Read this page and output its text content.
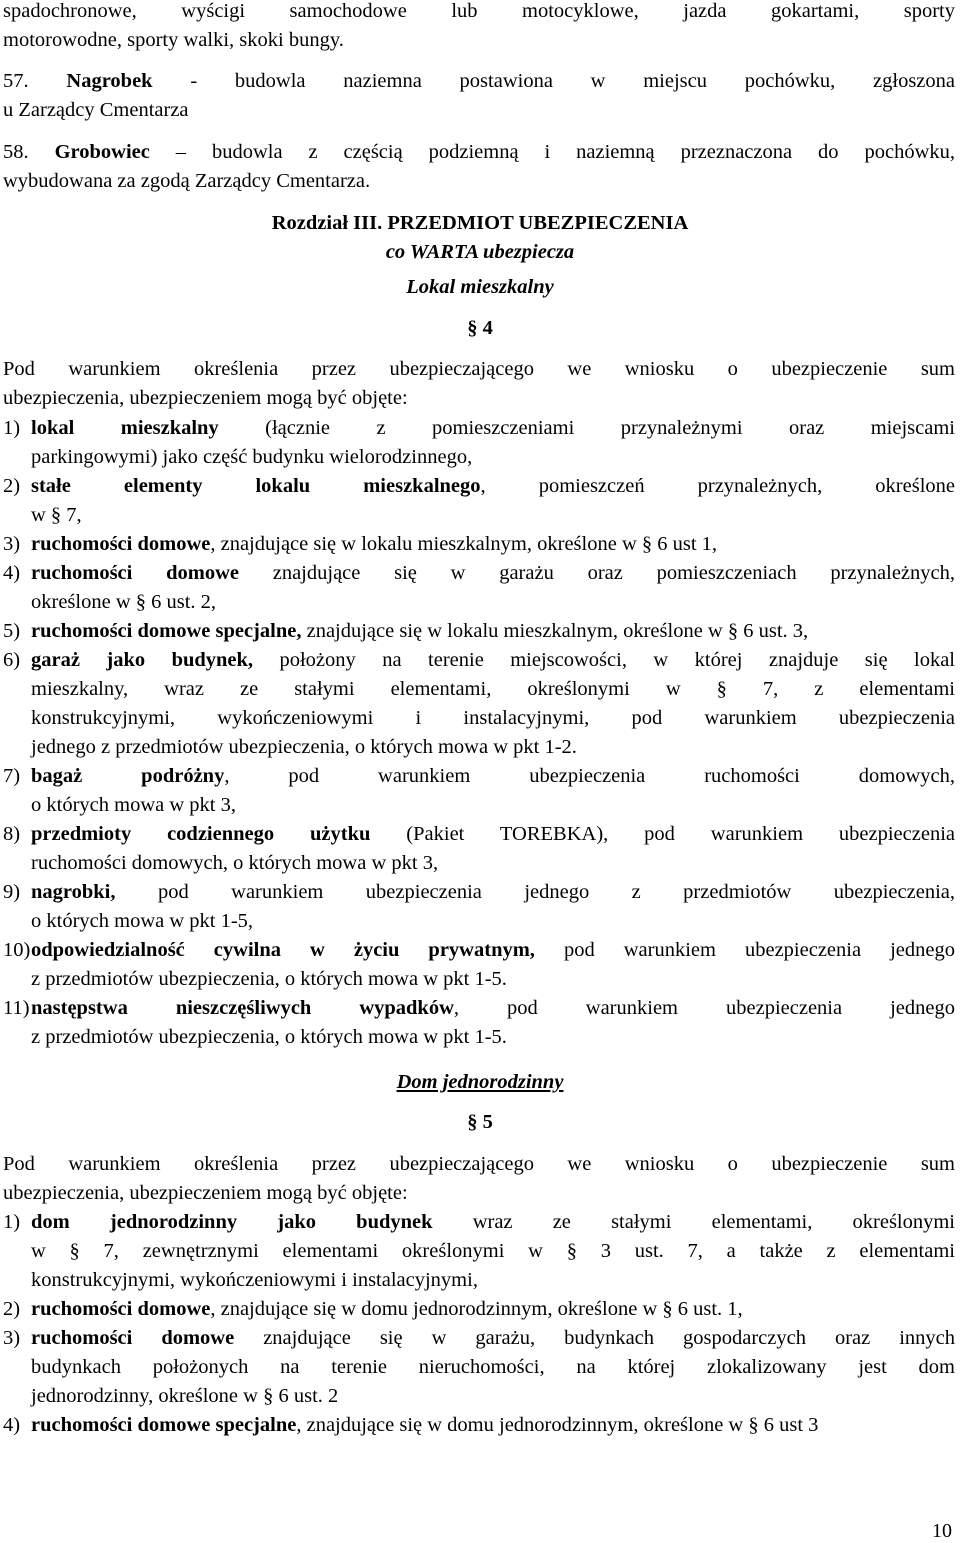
spadochronowe, wyścigi samochodowe lub motocyklowe, jazda gokartami, sporty

motorowodne, sporty walki, skoki bungy.

57. Nagrobek - budowla naziemna postawiona w miejscu pochówku, zgłoszona

u Zarządcy Cmentarza

58. Grobowiec – budowla z częścią podziemną i naziemną przeznaczona do pochówku,

wybudowana za zgodą Zarządcy Cmentarza.

Rozdział III. PRZEDMIOT UBEZPIECZENIA

co WARTA ubezpiecza

Lokal mieszkalny

§ 4

Pod warunkiem określenia przez ubezpieczającego we wniosku o ubezpieczenie sum

ubezpieczenia, ubezpieczeniem mogą być objęte:

1) lokal mieszkalny (łącznie z pomieszczeniami przynależnymi oraz miejscami
parkingowymi) jako część budynku wielorodzinnego,
2) stałe elementy lokalu mieszkalnego, pomieszczeń przynależnych, określone
w § 7,
3) ruchomości domowe, znajdujące się w lokalu mieszkalnym, określone w § 6 ust 1,
4) ruchomości domowe znajdujące się w garażu oraz pomieszczeniach przynależnych,
określone w § 6 ust. 2,
5) ruchomości domowe specjalne, znajdujące się w lokalu mieszkalnym, określone w § 6 ust. 3,
6) garaż jako budynek, położony na terenie miejscowości, w której znajduje się lokal
mieszkalny, wraz ze stałymi elementami, określonymi w § 7, z elementami
konstrukcyjnymi, wykończeniowymi i instalacyjnymi, pod warunkiem ubezpieczenia
jednego z przedmiotów ubezpieczenia, o których mowa w pkt 1-2.
7) bagaż podróżny, pod warunkiem ubezpieczenia ruchomości domowych,
o których mowa w pkt 3,
8) przedmioty codziennego użytku (Pakiet TOREBKA), pod warunkiem ubezpieczenia
ruchomości domowych, o których mowa w pkt 3,
9) nagrobki, pod warunkiem ubezpieczenia jednego z przedmiotów ubezpieczenia,
o których mowa w pkt 1-5,
10) odpowiedzialność cywilna w życiu prywatnym, pod warunkiem ubezpieczenia jednego
z przedmiotów ubezpieczenia, o których mowa w pkt 1-5.
11) następstwa nieszczęśliwych wypadków, pod warunkiem ubezpieczenia jednego
z przedmiotów ubezpieczenia, o których mowa w pkt 1-5.

Dom jednorodzinny

§ 5

Pod warunkiem określenia przez ubezpieczającego we wniosku o ubezpieczenie sum

ubezpieczenia, ubezpieczeniem mogą być objęte:

1) dom jednorodzinny jako budynek wraz ze stałymi elementami, określonymi
w § 7, zewnętrznymi elementami określonymi w § 3 ust. 7, a także z elementami
konstrukcyjnymi, wykończeniowymi i instalacyjnymi,
2) ruchomości domowe, znajdujące się w domu jednorodzinnym, określone w § 6 ust. 1,
3) ruchomości domowe znajdujące się w garażu, budynkach gospodarczych oraz innych
budynkach położonych na terenie nieruchomości, na której zlokalizowany jest dom
jednorodzinny, określone w § 6 ust. 2
4) ruchomości domowe specjalne, znajdujące się w domu jednorodzinnym, określone w § 6 ust 3
10
